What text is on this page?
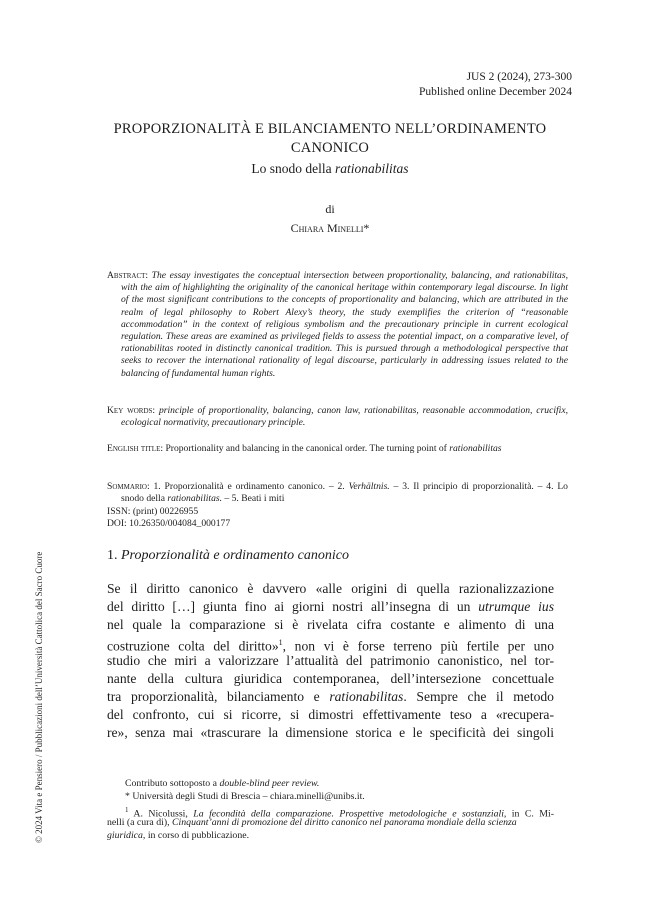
JUS 2 (2024), 273-300
Published online December 2024
PROPORZIONALITÀ E BILANCIAMENTO NELL’ORDINAMENTO
CANONICO
Lo snodo della rationabilitas
di
Chiara Minelli*
Abstract: The essay investigates the conceptual intersection between proportionality, balancing, and rationabilitas, with the aim of highlighting the originality of the canonical heritage within contemporary legal discourse. In light of the most significant contributions to the concepts of proportionality and balancing, which are attributed in the realm of legal philosophy to Robert Alexy’s theory, the study exemplifies the criterion of “reasonable accommodation” in the context of religious symbolism and the precautionary principle in current ecological regulation. These areas are examined as privileged fields to assess the potential impact, on a comparative level, of rationabilitas rooted in distinctly canonical tradition. This is pursued through a methodological perspective that seeks to recover the international rationality of legal discourse, particularly in addressing issues related to the balancing of fundamental human rights.
Key words: principle of proportionality, balancing, canon law, rationabilitas, reasonable accommodation, crucifix, ecological normativity, precautionary principle.
English title: Proportionality and balancing in the canonical order. The turning point of rationabilitas
Sommario: 1. Proporzionalità e ordinamento canonico. – 2. Verhältnis. – 3. Il principio di proporzionalità. – 4. Lo snodo della rationabilitas. – 5. Beati i miti
ISSN: (print) 00226955
DOI: 10.26350/004084_000177
1. Proporzionalità e ordinamento canonico
Se il diritto canonico è davvero «alle origini di quella razionalizzazione
del diritto […] giunta fino ai giorni nostri all’insegna di un utrumque ius
nel quale la comparazione si è rivelata cifra costante e alimento di una
costruzione colta del diritto»$^1$, non vi è forse terreno più fertile per uno
studio che miri a valorizzare l’attualità del patrimonio canonistico, nel tor-
nante della cultura giuridica contemporanea, dell’intersezione concettuale
tra proporzionalità, bilanciamento e rationabilitas. Sempre che il metodo
del confronto, cui si ricorre, si dimostri effettivamente teso a «recupera-
re», senza mai «trascurare la dimensione storica e le specificità dei singoli
Contributo sottoposto a double-blind peer review.
* Università degli Studi di Brescia – chiara.minelli@unibs.it.
$^1$ A. Nicolussi, La fecondità della comparazione. Prospettive metodologiche e sostanziali, in C. Mi-
nelli (a cura di), Cinquant’anni di promozione del diritto canonico nel panorama mondiale della scienza
giuridica, in corso di pubblicazione.
© 2024 Vita e Pensiero / Pubblicazioni dell’Università Cattolica del Sacro Cuore
